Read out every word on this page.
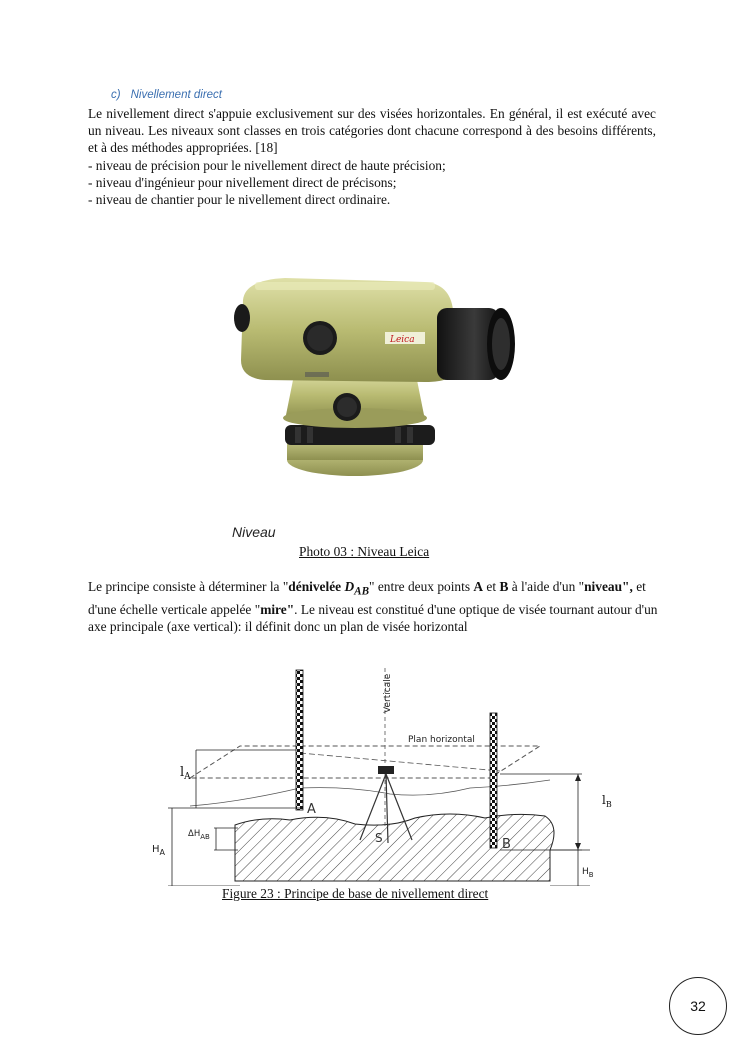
c) Nivellement direct
Le nivellement direct s'appuie exclusivement sur des visées horizontales. En général, il est exécuté avec un niveau. Les niveaux sont classes en trois catégories dont chacune correspond à des besoins différents, et à des méthodes appropriées. [18]
- niveau de précision pour le nivellement direct de haute précision;
- niveau d'ingénieur pour nivellement direct de précisons;
- niveau de chantier pour le nivellement direct ordinaire.
Leica
Niveau
Photo 03 : Niveau Leica
Le principe consiste à déterminer la "dénivelée $D_{AB}$" entre deux points A et B à l'aide d'un "niveau", et d'une échelle verticale appelée "mire". Le niveau est constitué d'une optique de visée tournant autour d'un axe principale (axe vertical): il définit donc un plan de visée horizontal
Verticale
Plan horizontal
A
B
S
$l_A$
$l_B$
$\Delta H_{AB}$
$H_A$
$H_B$
Figure 23 : Principe de base de nivellement direct
32
